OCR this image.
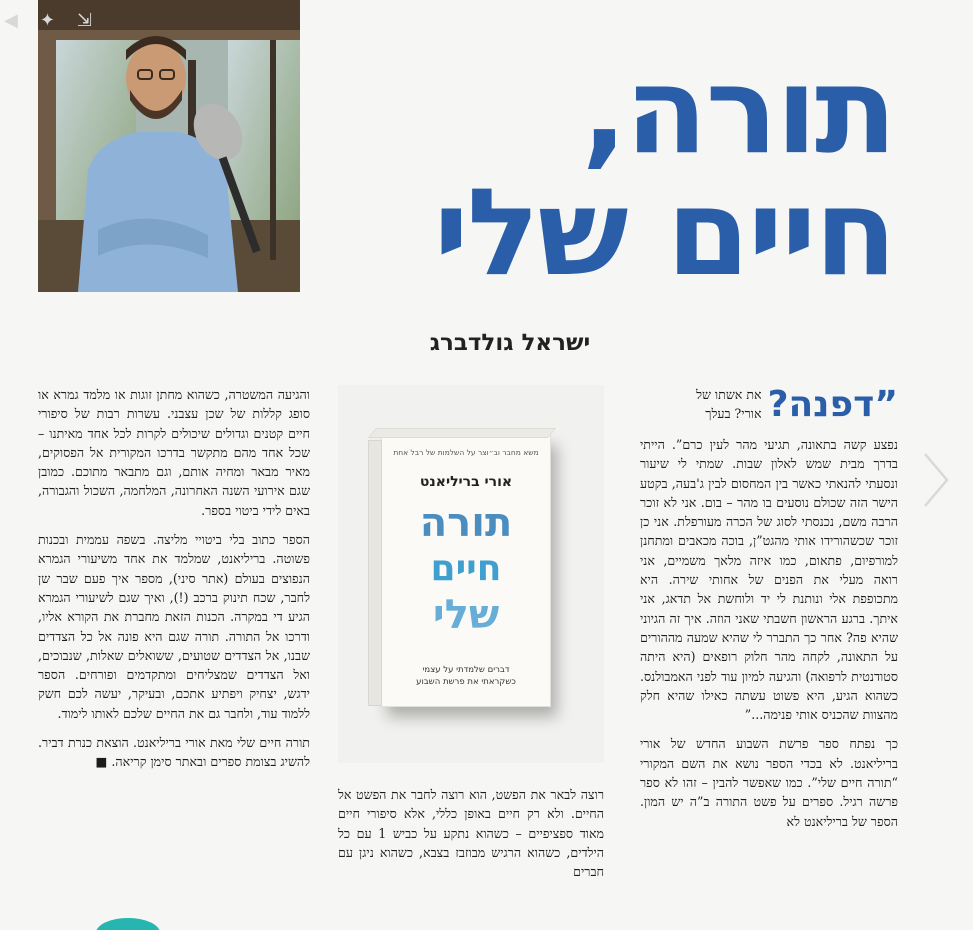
◀ ✦ ⇲
תורה,
חיים שלי
ישראל גולדברג
”דפנה?
את אשתו של
אורי? בעלך

נפצע קשה בתאונה, תגיעי מהר לעין כרם”. הייתי בדרך מבית שמש לאלון שבות. שמתי לי שיעור ונסעתי להנאתי כאשר בין המחסום לבין ג'בעה, בקטע הישר הזה שכולם נוסעים בו מהר – בום. אני לא זוכר הרבה משם, נכנסתי לסוג של הכרה מעורפלת. אני כן זוכר שכשהורידו אותי מהגט”ן, בוכה מכאבים ומתחנן למורפיום, פתאום, כמו איזה מלאך משמיים, אני רואה מעלי את הפנים של אחותי שירה. היא מתכופפת אלי ונותנת לי יד ולוחשת אל תדאג, אני איתך. ברגע הראשון חשבתי שאני הוזה. איך זה הגיוני שהיא פה? אחר כך התברר לי שהיא שמעה מההורים על התאונה, לקחה מהר חלוק רופאים (היא היתה סטודנטית לרפואה) והגיעה למיון עוד לפני האמבולנס. כשהוא הגיע, היא פשוט עשתה כאילו שהיא חלק מהצוות שהכניס אותי פנימה...”

כך נפתח ספר פרשת השבוע החדש של אורי בריליאנט. לא בכדי הספר נושא את השם המקורי “תורה חיים שלי”. כמו שאפשר להבין – זהו לא ספר פרשה רגיל. ספרים על פשט התורה ב”ה יש המון. הספר של בריליאנט לא

משא מחבר וב״וצר על השלמות של רבל אחת
אורי בריליאנט
תורה
חיים
שלי
דברים שלמדתי על עצמי
כשקראתי את פרשת השבוע

רוצה לבאר את הפשט, הוא רוצה לחבר את הפשט אל החיים. ולא רק חיים באופן כללי, אלא סיפורי חיים מאוד ספציפיים – כשהוא נתקע על כביש 1 עם כל הילדים, כשהוא הרגיש מבוזבז בצבא, כשהוא ניגן עם חברים

והגיעה המשטרה, כשהוא מחתן זוגות או מלמד גמרא או סופג קללות של שכן עצבני. עשרות רבות של סיפורי חיים קטנים וגדולים שיכולים לקרות לכל אחד מאיתנו – שכל אחד מהם מתקשר בדרכו המקורית אל הפסוקים, מאיר מבאר ומחיה אותם, וגם מתבאר מתוכם. כמובן שגם אירועי השנה האחרונה, המלחמה, השכול והגבורה, באים לידי ביטוי בספר.

הספר כתוב בלי ביטויי מליצה. בשפה עממית ובכנות פשוטה. בריליאנט, שמלמד את אחד משיעורי הגמרא הנפוצים בעולם (אתר סיני), מספר איך פעם שבר שן לחבר, שכח תינוק ברכב (!), ואיך שגם לשיעורי הגמרא הגיע די במקרה. הכנות הזאת מחברת את הקורא אליו, ודרכו אל התורה. תורה שגם היא פונה אל כל הצדדים שבנו, אל הצדדים שטועים, ששואלים שאלות, שנבוכים, ואל הצדדים שמצליחים ומתקדמים ופורחים. הספר ידגש, יצחיק ויפתיע אתכם, ובעיקר, יעשה לכם חשק ללמוד עוד, ולחבר גם את החיים שלכם לאותו לימוד.

תורה חיים שלי מאת אורי בריליאנט. הוצאת כנרת דביר. להשיג בצומת ספרים ובאתר סימן קריאה. ■
